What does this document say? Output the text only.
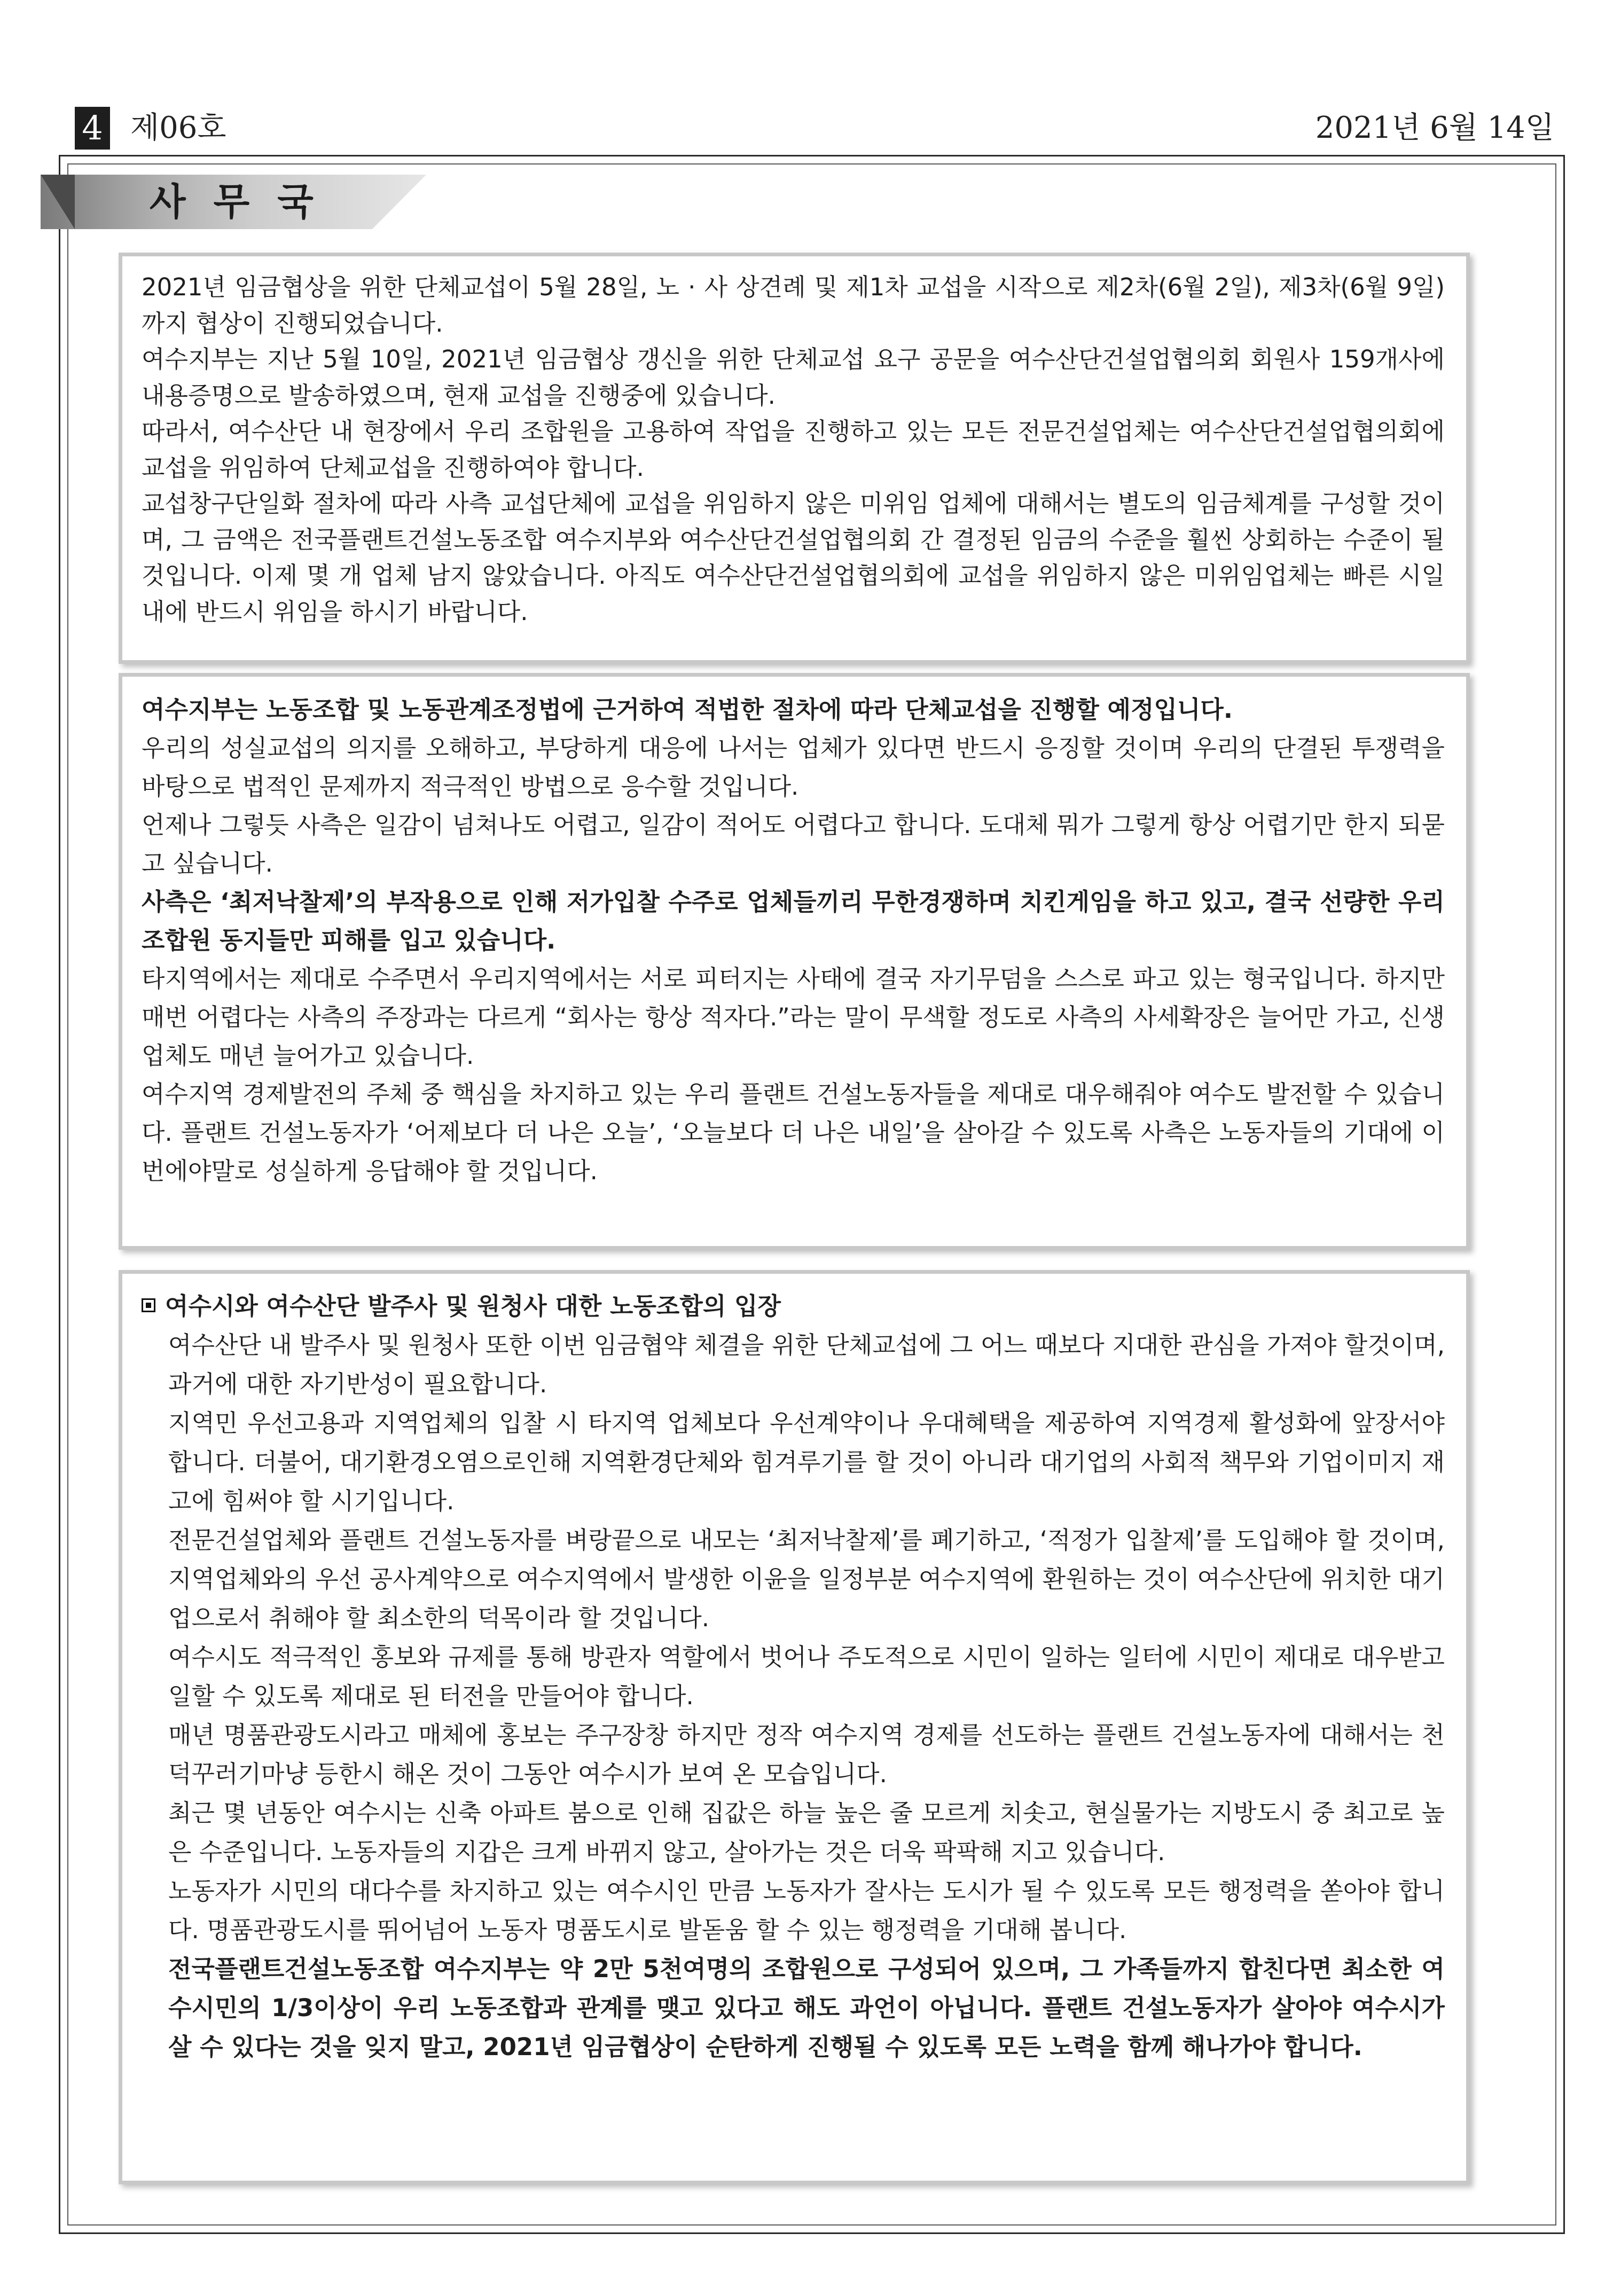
4 제06호	2021년 6월 14일
사무국

2021년 임금협상을 위한 단체교섭이 5월 28일, 노 · 사 상견례 및 제1차 교섭을 시작으로 제2차(6월 2일), 제3차(6월 9일)까지 협상이 진행되었습니다.

여수지부는 지난 5월 10일, 2021년 임금협상 갱신을 위한 단체교섭 요구 공문을 여수산단건설업협의회 회원사 159개사에 내용증명으로 발송하였으며, 현재 교섭을 진행중에 있습니다.

따라서, 여수산단 내 현장에서 우리 조합원을 고용하여 작업을 진행하고 있는 모든 전문건설업체는 여수산단건설업협의회에 교섭을 위임하여 단체교섭을 진행하여야 합니다.

교섭창구단일화 절차에 따라 사측 교섭단체에 교섭을 위임하지 않은 미위임 업체에 대해서는 별도의 임금체계를 구성할 것이며, 그 금액은 전국플랜트건설노동조합 여수지부와 여수산단건설업협의회 간 결정된 임금의 수준을 훨씬 상회하는 수준이 될 것입니다. 이제 몇 개 업체 남지 않았습니다. 아직도 여수산단건설업협의회에 교섭을 위임하지 않은 미위임업체는 빠른 시일내에 반드시 위임을 하시기 바랍니다.

여수지부는 노동조합 및 노동관계조정법에 근거하여 적법한 절차에 따라 단체교섭을 진행할 예정입니다.

우리의 성실교섭의 의지를 오해하고, 부당하게 대응에 나서는 업체가 있다면 반드시 응징할 것이며 우리의 단결된 투쟁력을 바탕으로 법적인 문제까지 적극적인 방법으로 응수할 것입니다.

언제나 그렇듯 사측은 일감이 넘쳐나도 어렵고, 일감이 적어도 어렵다고 합니다. 도대체 뭐가 그렇게 항상 어렵기만 한지 되묻고 싶습니다.

사측은 ‘최저낙찰제’의 부작용으로 인해 저가입찰 수주로 업체들끼리 무한경쟁하며 치킨게임을 하고 있고, 결국 선량한 우리 조합원 동지들만 피해를 입고 있습니다.

타지역에서는 제대로 수주면서 우리지역에서는 서로 피터지는 사태에 결국 자기무덤을 스스로 파고 있는 형국입니다. 하지만 매번 어렵다는 사측의 주장과는 다르게 “회사는 항상 적자다.”라는 말이 무색할 정도로 사측의 사세확장은 늘어만 가고, 신생업체도 매년 늘어가고 있습니다.

여수지역 경제발전의 주체 중 핵심을 차지하고 있는 우리 플랜트 건설노동자들을 제대로 대우해줘야 여수도 발전할 수 있습니다. 플랜트 건설노동자가 ‘어제보다 더 나은 오늘’, ‘오늘보다 더 나은 내일’을 살아갈 수 있도록 사측은 노동자들의 기대에 이번에야말로 성실하게 응답해야 할 것입니다.

여수시와 여수산단 발주사 및 원청사 대한 노동조합의 입장

여수산단 내 발주사 및 원청사 또한 이번 임금협약 체결을 위한 단체교섭에 그 어느 때보다 지대한 관심을 가져야 할것이며, 과거에 대한 자기반성이 필요합니다.

지역민 우선고용과 지역업체의 입찰 시 타지역 업체보다 우선계약이나 우대혜택을 제공하여 지역경제 활성화에 앞장서야 합니다. 더불어, 대기환경오염으로인해 지역환경단체와 힘겨루기를 할 것이 아니라 대기업의 사회적 책무와 기업이미지 재고에 힘써야 할 시기입니다.

전문건설업체와 플랜트 건설노동자를 벼랑끝으로 내모는 ‘최저낙찰제’를 폐기하고, ‘적정가 입찰제’를 도입해야 할 것이며, 지역업체와의 우선 공사계약으로 여수지역에서 발생한 이윤을 일정부분 여수지역에 환원하는 것이 여수산단에 위치한 대기업으로서 취해야 할 최소한의 덕목이라 할 것입니다.

여수시도 적극적인 홍보와 규제를 통해 방관자 역할에서 벗어나 주도적으로 시민이 일하는 일터에 시민이 제대로 대우받고 일할 수 있도록 제대로 된 터전을 만들어야 합니다.

매년 명품관광도시라고 매체에 홍보는 주구장창 하지만 정작 여수지역 경제를 선도하는 플랜트 건설노동자에 대해서는 천덕꾸러기마냥 등한시 해온 것이 그동안 여수시가 보여 온 모습입니다.

최근 몇 년동안 여수시는 신축 아파트 붐으로 인해 집값은 하늘 높은 줄 모르게 치솟고, 현실물가는 지방도시 중 최고로 높은 수준입니다. 노동자들의 지갑은 크게 바뀌지 않고, 살아가는 것은 더욱 팍팍해 지고 있습니다.

노동자가 시민의 대다수를 차지하고 있는 여수시인 만큼 노동자가 잘사는 도시가 될 수 있도록 모든 행정력을 쏟아야 합니다. 명품관광도시를 뛰어넘어 노동자 명품도시로 발돋움 할 수 있는 행정력을 기대해 봅니다.

전국플랜트건설노동조합 여수지부는 약 2만 5천여명의 조합원으로 구성되어 있으며, 그 가족들까지 합친다면 최소한 여수시민의 1/3이상이 우리 노동조합과 관계를 맺고 있다고 해도 과언이 아닙니다. 플랜트 건설노동자가 살아야 여수시가 살 수 있다는 것을 잊지 말고, 2021년 임금협상이 순탄하게 진행될 수 있도록 모든 노력을 함께 해나가야 합니다.
